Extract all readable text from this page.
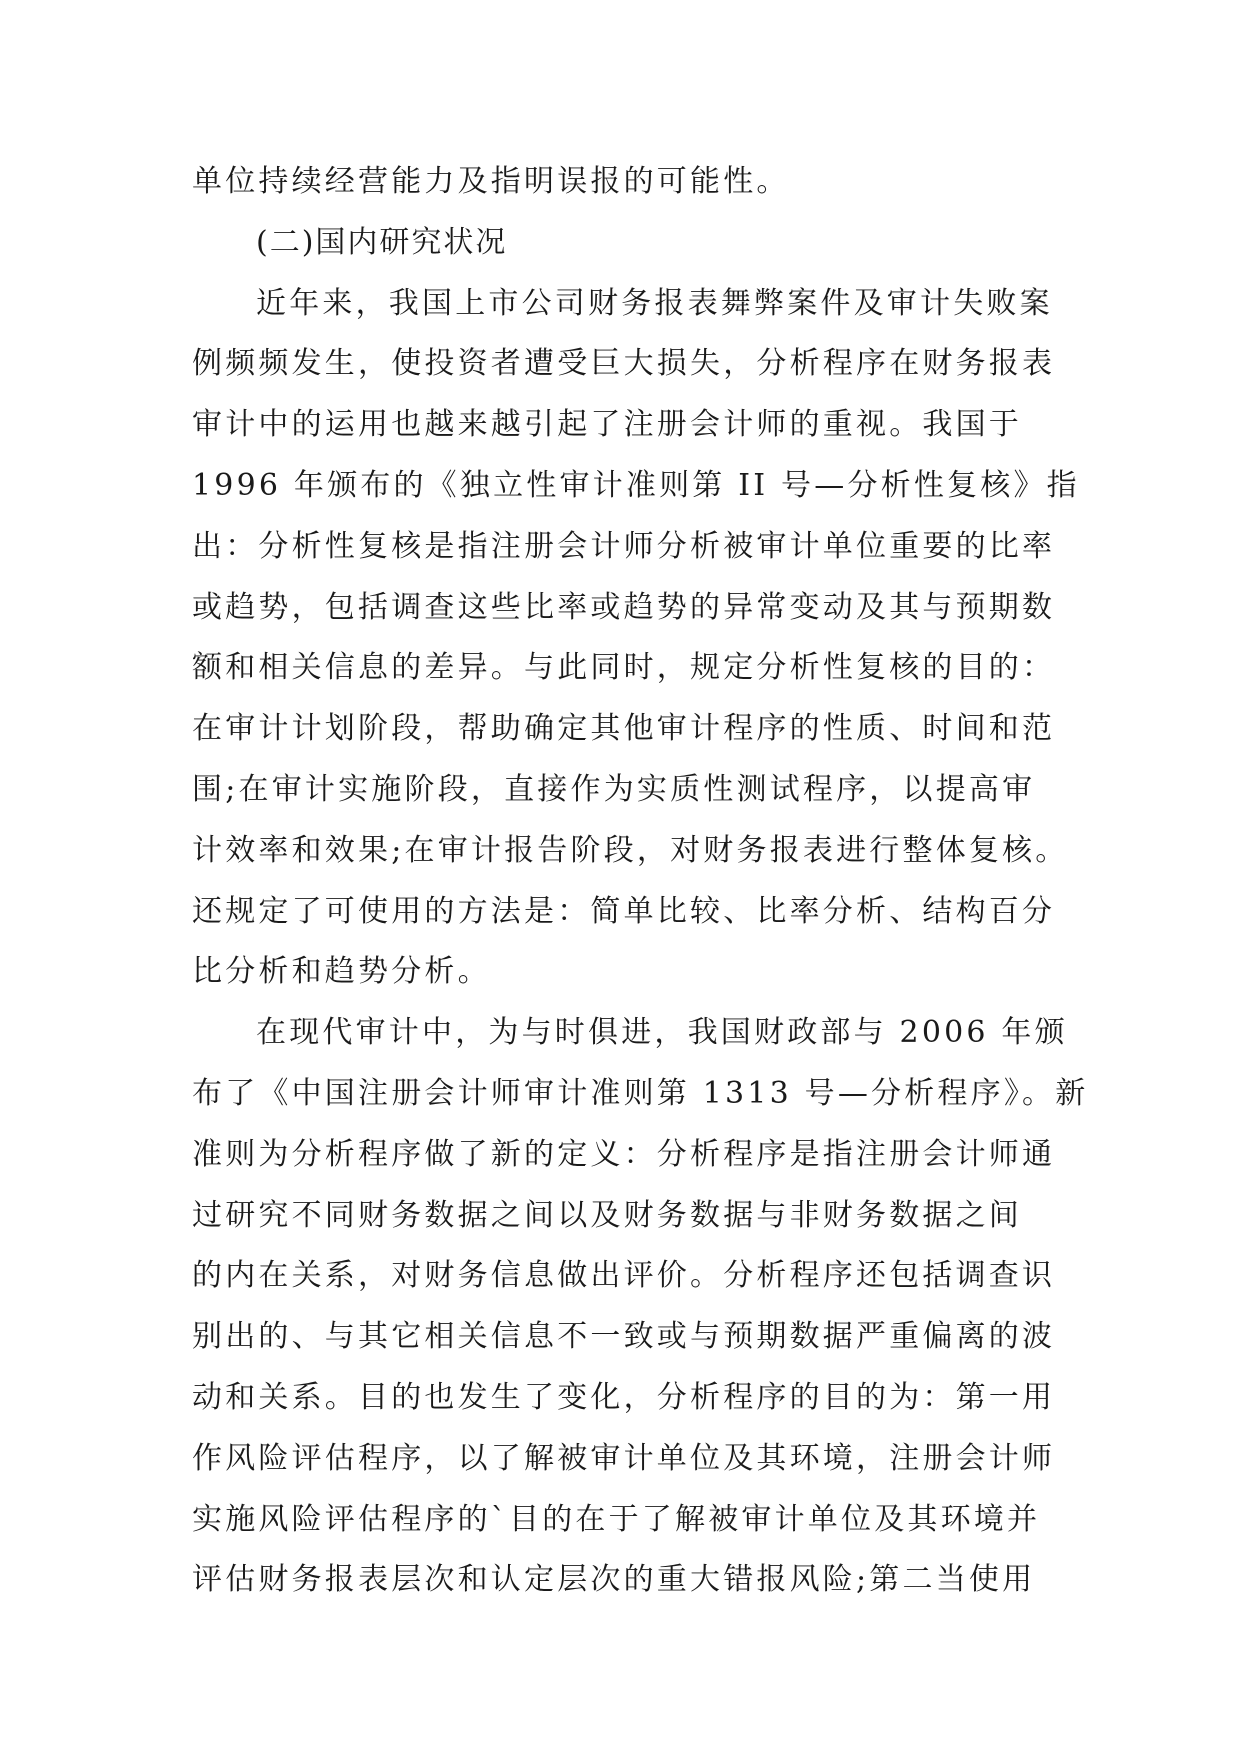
单位持续经营能力及指明误报的可能性。
(二)国内研究状况
近年来，我国上市公司财务报表舞弊案件及审计失败案
例频频发生，使投资者遭受巨大损失，分析程序在财务报表
审计中的运用也越来越引起了注册会计师的重视。我国于
1996 年颁布的《独立性审计准则第 II 号—分析性复核》指
出：分析性复核是指注册会计师分析被审计单位重要的比率
或趋势，包括调查这些比率或趋势的异常变动及其与预期数
额和相关信息的差异。与此同时，规定分析性复核的目的：
在审计计划阶段，帮助确定其他审计程序的性质、时间和范
围;在审计实施阶段，直接作为实质性测试程序，以提高审
计效率和效果;在审计报告阶段，对财务报表进行整体复核。
还规定了可使用的方法是：简单比较、比率分析、结构百分
比分析和趋势分析。
在现代审计中，为与时俱进，我国财政部与 2006 年颁
布了《中国注册会计师审计准则第 1313 号—分析程序》。新
准则为分析程序做了新的定义：分析程序是指注册会计师通
过研究不同财务数据之间以及财务数据与非财务数据之间
的内在关系，对财务信息做出评价。分析程序还包括调查识
别出的、与其它相关信息不一致或与预期数据严重偏离的波
动和关系。目的也发生了变化，分析程序的目的为：第一用
作风险评估程序，以了解被审计单位及其环境，注册会计师
实施风险评估程序的`目的在于了解被审计单位及其环境并
评估财务报表层次和认定层次的重大错报风险;第二当使用
